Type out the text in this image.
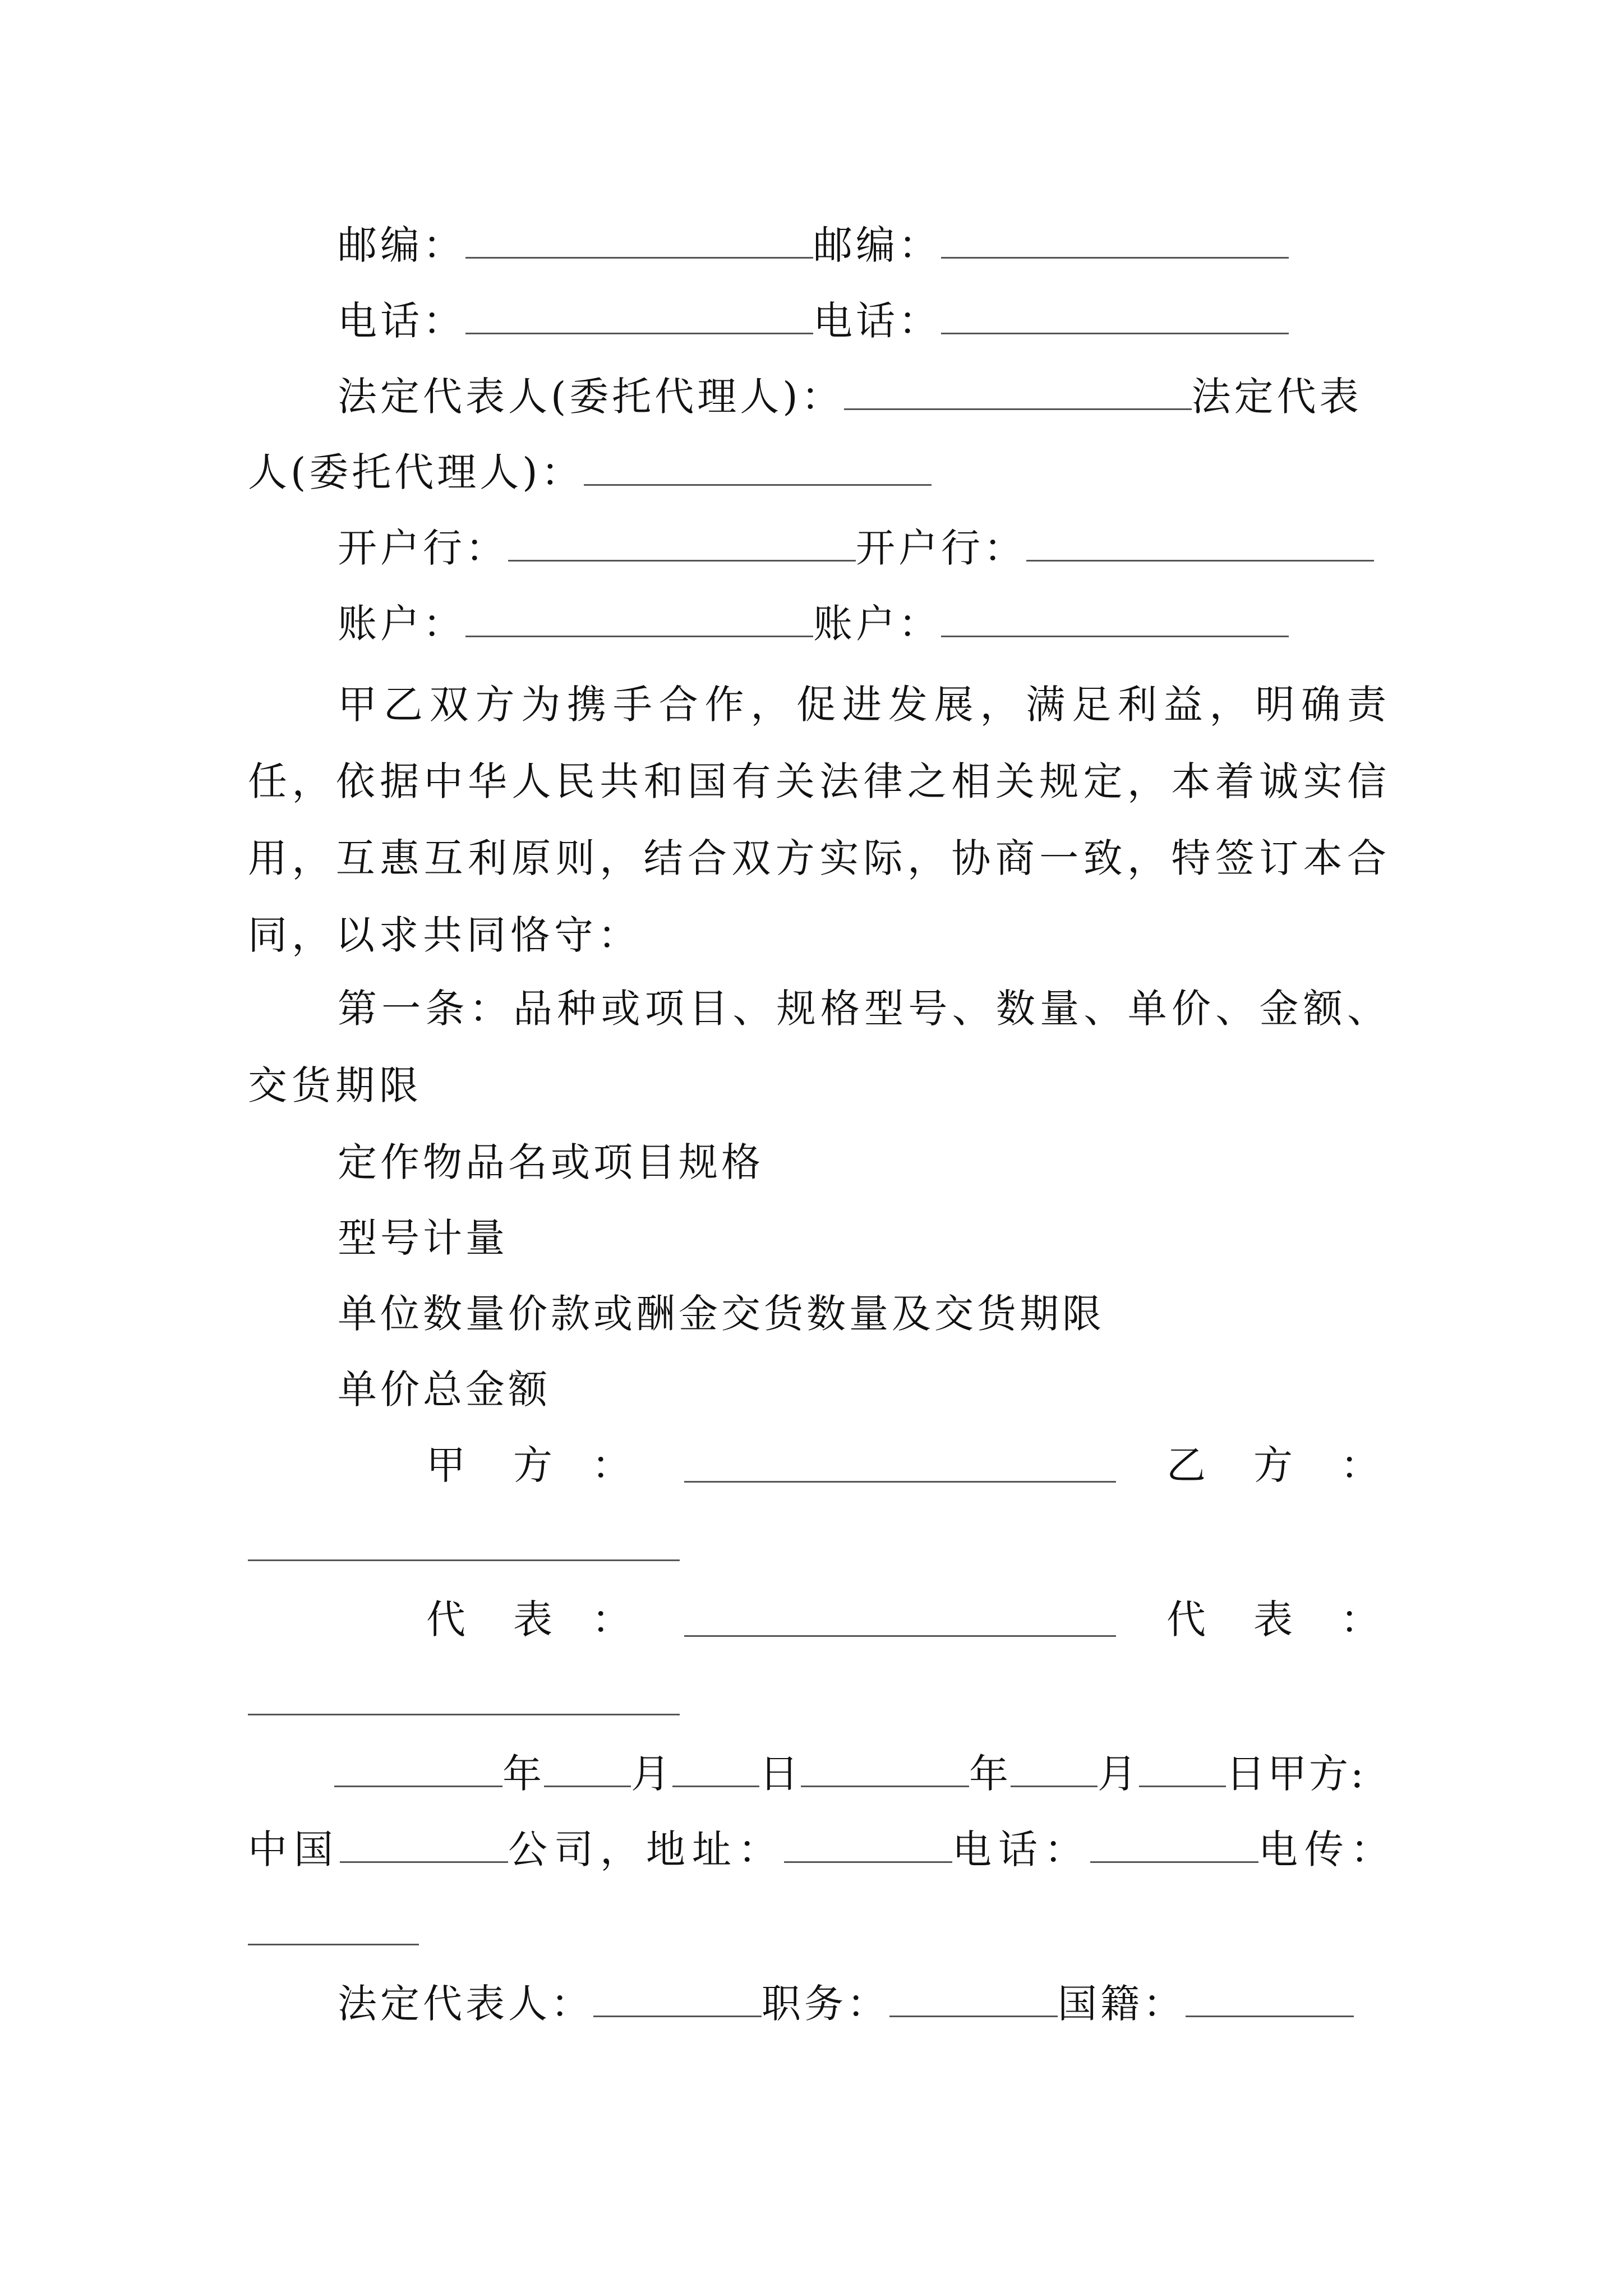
邮编：	邮编：
电话：	电话：
法定代表人(委托代理人)：	法定代表
人(委托代理人)：
开户行：	开户行：
账户：	账户：
甲乙双方为携手合作，促进发展，满足利益，明确责任，依据中华人民共和国有关法律之相关规定，本着诚实信用，互惠互利原则，结合双方实际，协商一致，特签订本合同，以求共同恪守：
第一条：品种或项目、规格型号、数量、单价、金额、交货期限
定作物品名或项目规格
型号计量
单位数量价款或酬金交货数量及交货期限
单价总金额
甲 方 ：	乙 方 ：
代 表 ：	代 表 ：
年 月 日	年 月 日甲方:
中国	公司，地址：	电话：	电传：
法定代表人：	职务：	国籍：
